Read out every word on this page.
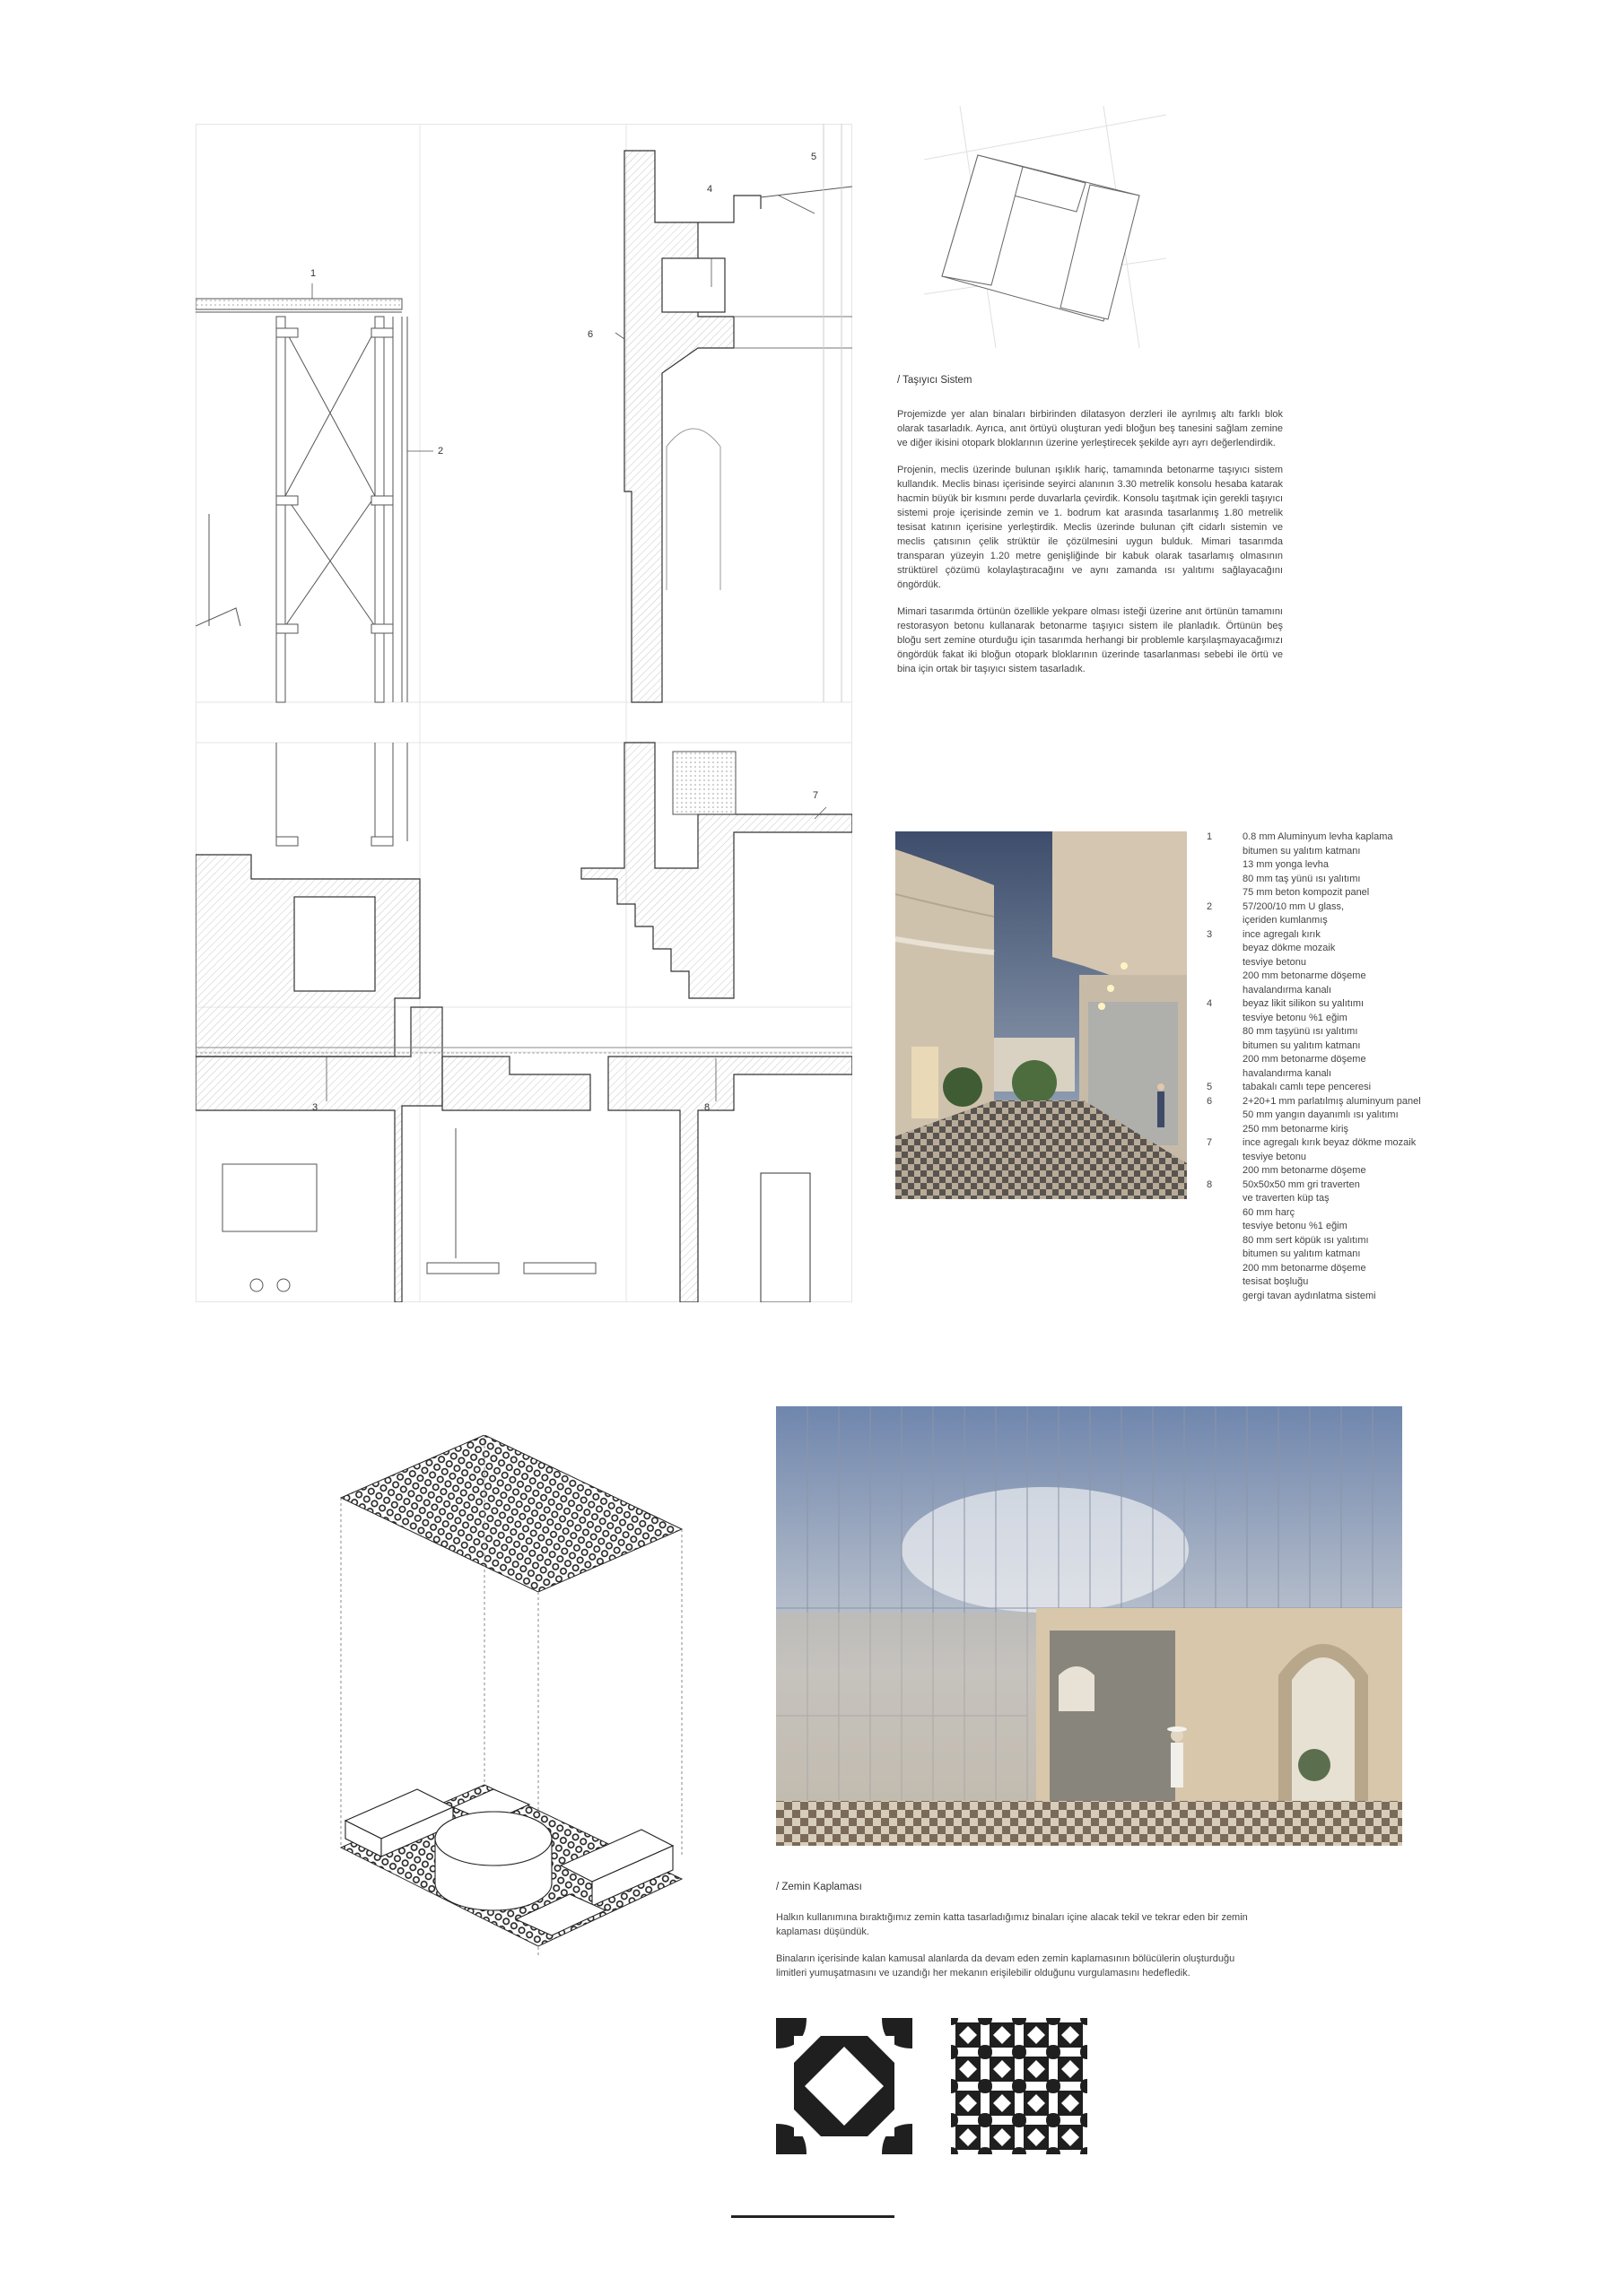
1
2
3
4
5
6
7
8
/ Taşıyıcı Sistem

Projemizde yer alan binaları birbirinden dilatasyon derzleri ile ayrılmış altı farklı blok olarak tasarladık. Ayrıca, anıt örtüyü oluşturan yedi bloğun beş tanesini sağlam zemine ve diğer ikisini otopark bloklarının üzerine yerleştirecek şekilde ayrı ayrı değerlendirdik.

Projenin, meclis üzerinde bulunan ışıklık hariç, tamamında betonarme taşıyıcı sistem kullandık. Meclis binası içerisinde seyirci alanının 3.30 metrelik konsolu hesaba katarak hacmin büyük bir kısmını perde duvarlarla çevirdik. Konsolu taşıtmak için gerekli taşıyıcı sistemi proje içerisinde zemin ve 1. bodrum kat arasında tasarlanmış 1.80 metrelik tesisat katının içerisine yerleştirdik. Meclis üzerinde bulunan çift cidarlı sistemin ve meclis çatısının çelik strüktür ile çözülmesini uygun bulduk. Mimari tasarımda transparan yüzeyin 1.20 metre genişliğinde bir kabuk olarak tasarlamış olmasının strüktürel çözümü kolaylaştıracağını ve aynı zamanda ısı yalıtımı sağlayacağını öngördük.

Mimari tasarımda örtünün özellikle yekpare olması isteği üzerine anıt örtünün tamamını restorasyon betonu kullanarak betonarme taşıyıcı sistem ile planladık. Örtünün beş bloğu sert zemine oturduğu için tasarımda herhangi bir problemle karşılaşmayacağımızı öngördük fakat iki bloğun otopark bloklarının üzerinde tasarlanması sebebi ile örtü ve bina için ortak bir taşıyıcı sistem tasarladık.

1	0.8 mm Aluminyum levha kaplama
bitumen su yalıtım katmanı
13 mm yonga levha
80 mm taş yünü ısı yalıtımı
75 mm beton kompozit panel
2	57/200/10 mm U glass,
içeriden kumlanmış
3	ince agregalı kırık
beyaz dökme mozaik
tesviye betonu
200 mm betonarme döşeme
havalandırma kanalı
4	beyaz likit silikon su yalıtımı
tesviye betonu %1 eğim
80 mm taşyünü ısı yalıtımı
bitumen su yalıtım katmanı
200 mm betonarme döşeme
havalandırma kanalı
5	tabakalı camlı tepe penceresi
6	2+20+1 mm parlatılmış aluminyum panel
50 mm yangın dayanımlı ısı yalıtımı
250 mm betonarme kiriş
7	ince agregalı kırık beyaz dökme mozaik
tesviye betonu
200 mm betonarme döşeme
8	50x50x50 mm gri traverten
ve traverten küp taş
60 mm harç
tesviye betonu %1 eğim
80 mm sert köpük ısı yalıtımı
bitumen su yalıtım katmanı
200 mm betonarme döşeme
tesisat boşluğu
gergi tavan aydınlatma sistemi
/ Zemin Kaplaması

Halkın kullanımına bıraktığımız zemin katta tasarladığımız binaları içine alacak tekil ve tekrar eden bir zemin kaplaması düşündük.

Binaların içerisinde kalan kamusal alanlarda da devam eden zemin kaplamasının bölücülerin oluşturduğu limitleri yumuşatmasını ve uzandığı her mekanın erişilebilir olduğunu vurgulamasını hedefledik.
